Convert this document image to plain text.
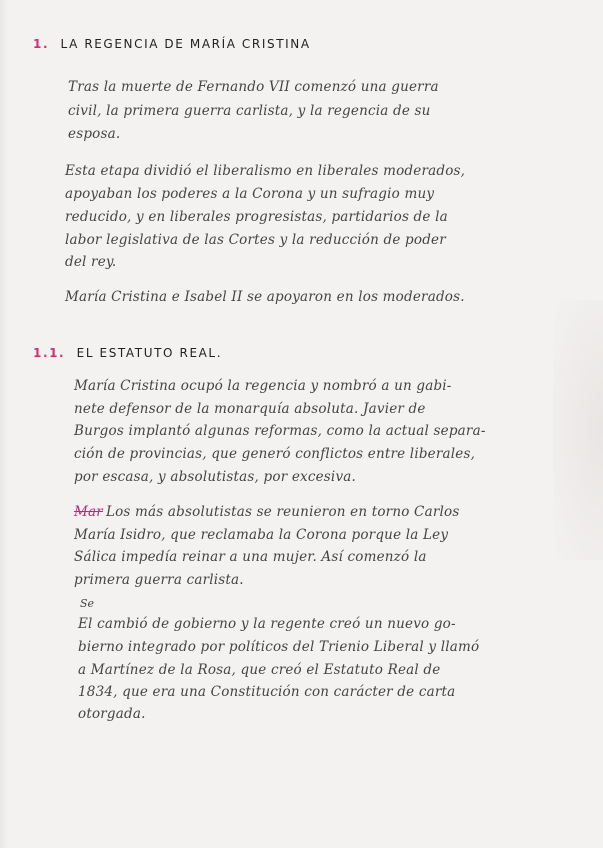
1. LA REGENCIA DE MARÍA CRISTINA
Tras la muerte de Fernando VII comenzó una guerra
civil, la primera guerra carlista, y la regencia de su
esposa.
Esta etapa dividió el liberalismo en liberales moderados,
apoyaban los poderes a la Corona y un sufragio muy
reducido, y en liberales progresistas, partidarios de la
labor legislativa de las Cortes y la reducción de poder
del rey.
María Cristina e Isabel II se apoyaron en los moderados.
1.1. EL ESTATUTO REAL.
María Cristina ocupó la regencia y nombró a un gabi-
nete defensor de la monarquía absoluta. Javier de
Burgos implantó algunas reformas, como la actual separa-
ción de provincias, que generó conflictos entre liberales,
por escasa, y absolutistas, por excesiva.
Mar Los más absolutistas se reunieron en torno Carlos
María Isidro, que reclamaba la Corona porque la Ley
Sálica impedía reinar a una mujer. Así comenzó la
primera guerra carlista.
Se
El cambió de gobierno y la regente creó un nuevo go-
bierno integrado por políticos del Trienio Liberal y llamó
a Martínez de la Rosa, que creó el Estatuto Real de
1834, que era una Constitución con carácter de carta
otorgada.
